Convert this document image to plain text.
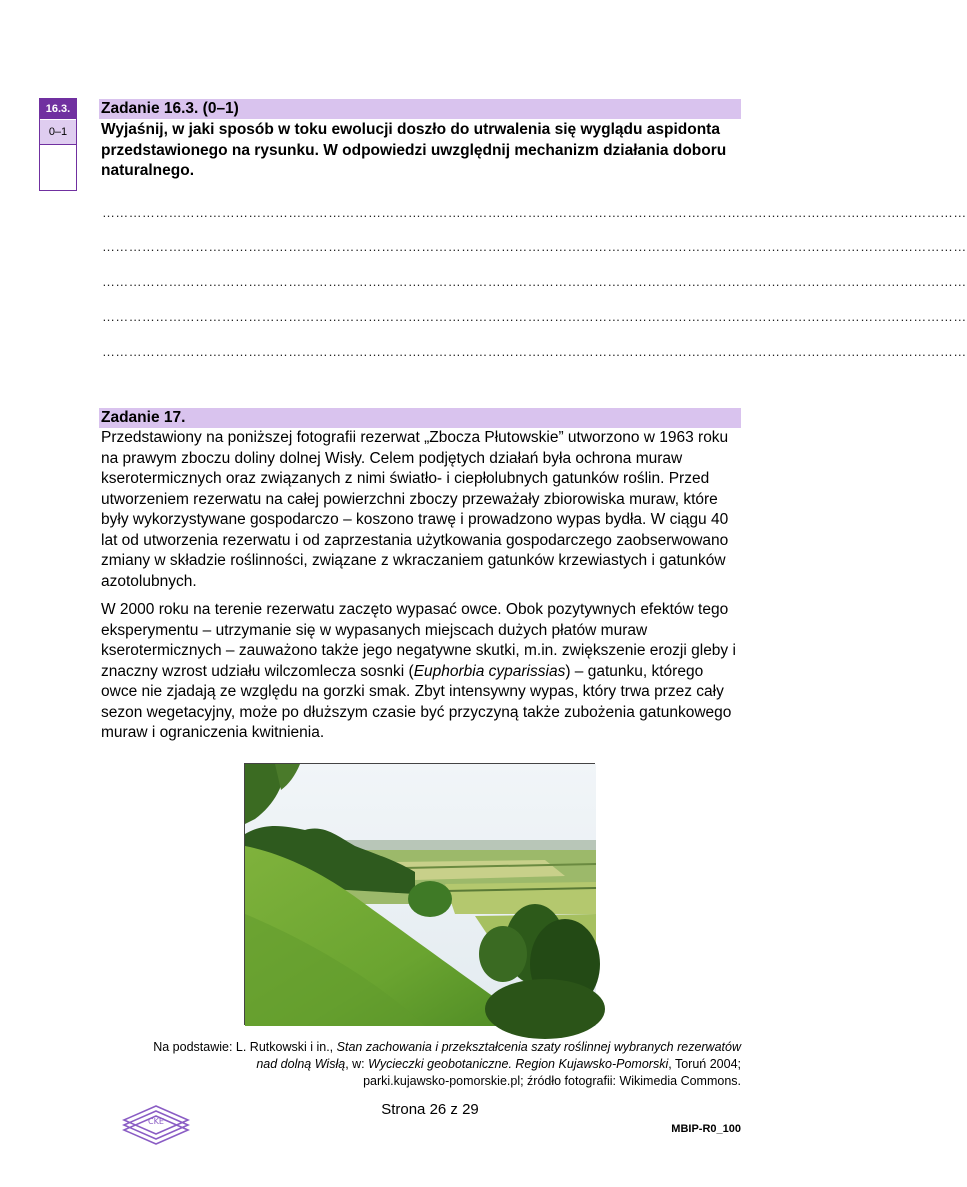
16.3.
0–1
Zadanie 16.3. (0–1)
Wyjaśnij, w jaki sposób w toku ewolucji doszło do utrwalenia się wyglądu aspidonta przedstawionego na rysunku. W odpowiedzi uwzględnij mechanizm działania doboru naturalnego.
……………………………………………………………………………………………………………………………………………………………………………
……………………………………………………………………………………………………………………………………………………………………………
……………………………………………………………………………………………………………………………………………………………………………
……………………………………………………………………………………………………………………………………………………………………………
……………………………………………………………………………………………………………………………………………………………………………
Zadanie 17.
Przedstawiony na poniższej fotografii rezerwat „Zbocza Płutowskie” utworzono w 1963 roku na prawym zboczu doliny dolnej Wisły. Celem podjętych działań była ochrona muraw kserotermicznych oraz związanych z nimi światło- i ciepłolubnych gatunków roślin. Przed utworzeniem rezerwatu na całej powierzchni zboczy przeważały zbiorowiska muraw, które były wykorzystywane gospodarczo – koszono trawę i prowadzono wypas bydła. W ciągu 40 lat od utworzenia rezerwatu i od zaprzestania użytkowania gospodarczego zaobserwowano zmiany w składzie roślinności, związane z wkraczaniem gatunków krzewiastych i gatunków azotolubnych.
W 2000 roku na terenie rezerwatu zaczęto wypasać owce. Obok pozytywnych efektów tego eksperymentu – utrzymanie się w wypasanych miejscach dużych płatów muraw kserotermicznych – zauważono także jego negatywne skutki, m.in. zwiększenie erozji gleby i znaczny wzrost udziału wilczomlecza sosnki (Euphorbia cyparissias) – gatunku, którego owce nie zjadają ze względu na gorzki smak. Zbyt intensywny wypas, który trwa przez cały sezon wegetacyjny, może po dłuższym czasie być przyczyną także zubożenia gatunkowego muraw i ograniczenia kwitnienia.
Na podstawie: L. Rutkowski i in., Stan zachowania i przekształcenia szaty roślinnej wybranych rezerwatów nad dolną Wisłą, w: Wycieczki geobotaniczne. Region Kujawsko-Pomorski, Toruń 2004;
parki.kujawsko-pomorskie.pl; źródło fotografii: Wikimedia Commons.
CKE
Strona 26 z 29
MBIP-R0_100
